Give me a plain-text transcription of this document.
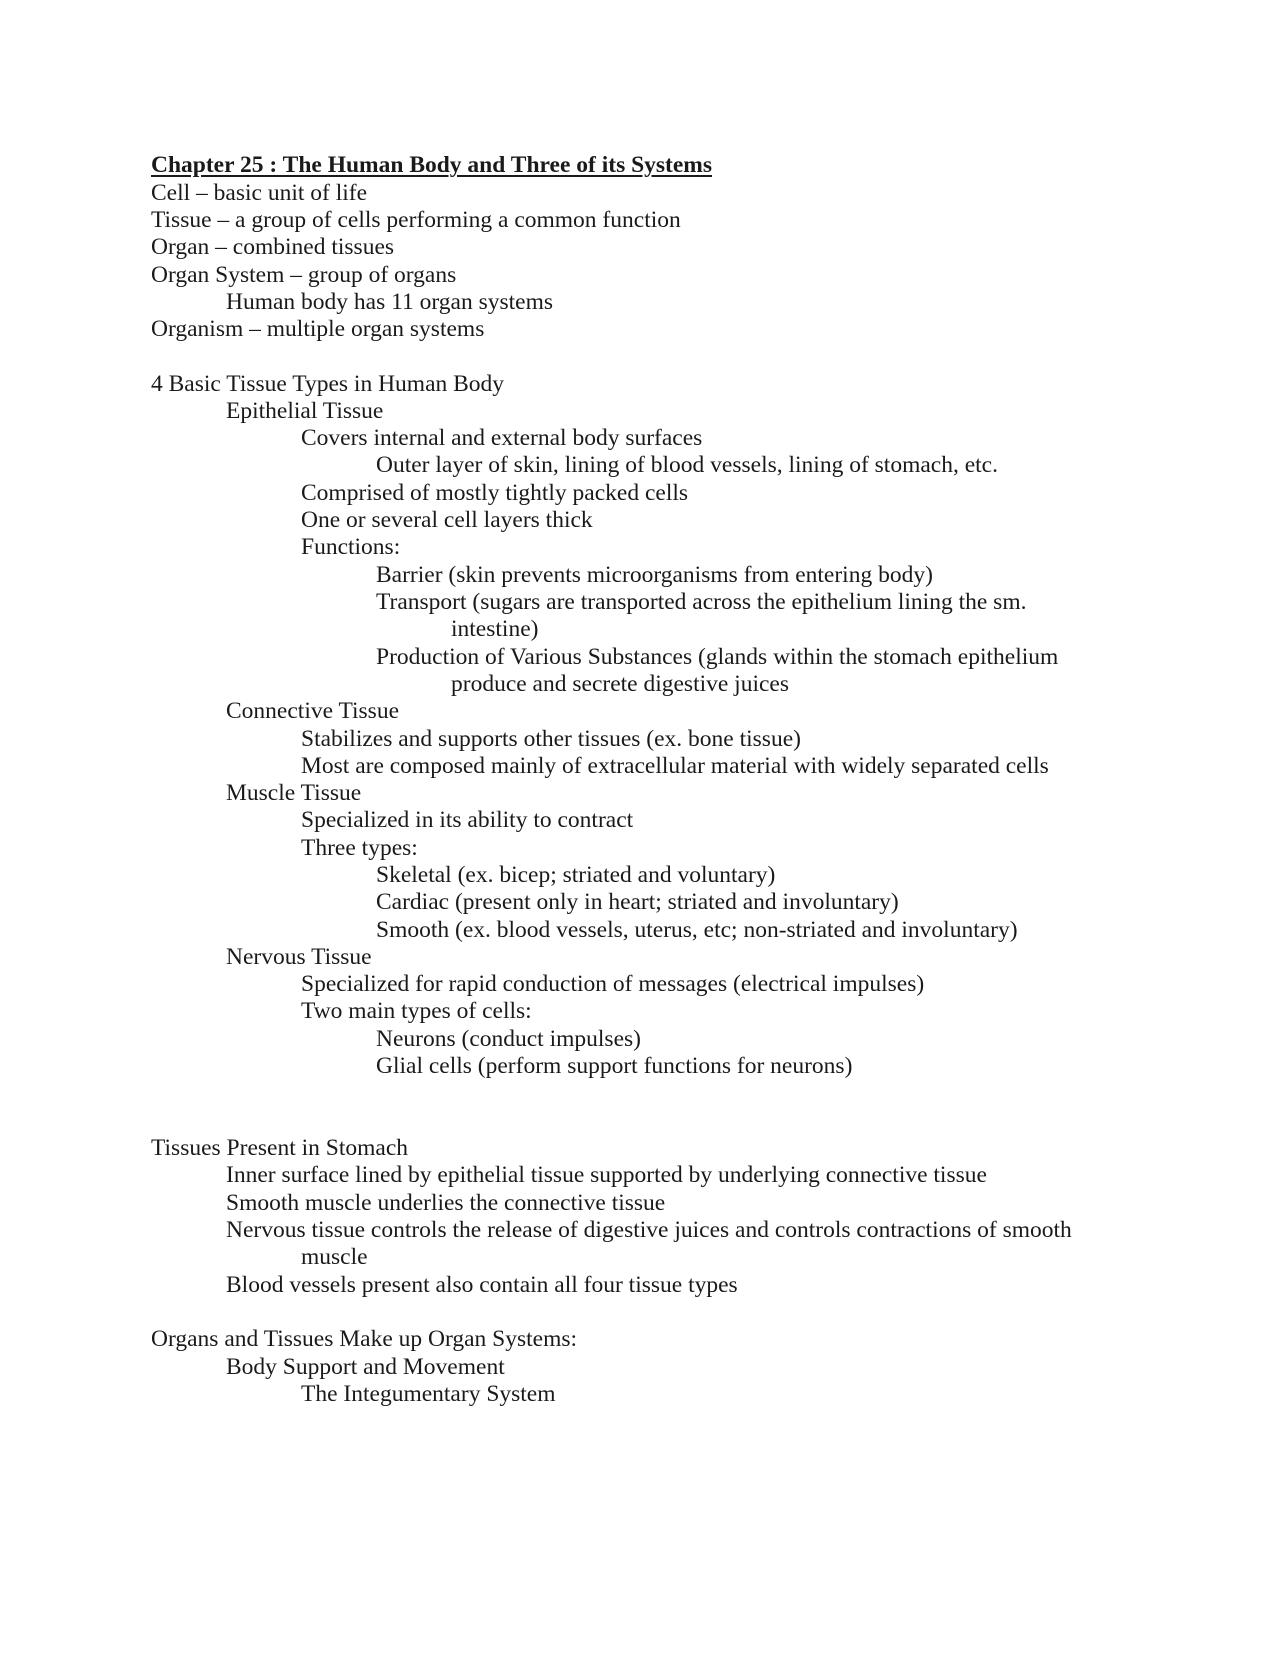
Chapter 25 : The Human Body and Three of its Systems
Cell – basic unit of life
Tissue – a group of cells performing a common function
Organ – combined tissues
Organ System – group of organs
Human body has 11 organ systems
Organism – multiple organ systems
4 Basic Tissue Types in Human Body
Epithelial Tissue
Covers internal and external body surfaces
Outer layer of skin, lining of blood vessels, lining of stomach, etc.
Comprised of mostly tightly packed cells
One or several cell layers thick
Functions:
Barrier (skin prevents microorganisms from entering body)
Transport (sugars are transported across the epithelium lining the sm.
intestine)
Production of Various Substances (glands within the stomach epithelium
produce and secrete digestive juices
Connective Tissue
Stabilizes and supports other tissues (ex. bone tissue)
Most are composed mainly of extracellular material with widely separated cells
Muscle Tissue
Specialized in its ability to contract
Three types:
Skeletal (ex. bicep; striated and voluntary)
Cardiac (present only in heart; striated and involuntary)
Smooth (ex. blood vessels, uterus, etc; non-striated and involuntary)
Nervous Tissue
Specialized for rapid conduction of messages (electrical impulses)
Two main types of cells:
Neurons (conduct impulses)
Glial cells (perform support functions for neurons)
Tissues Present in Stomach
Inner surface lined by epithelial tissue supported by underlying connective tissue
Smooth muscle underlies the connective tissue
Nervous tissue controls the release of digestive juices and controls contractions of smooth
muscle
Blood vessels present also contain all four tissue types
Organs and Tissues Make up Organ Systems:
Body Support and Movement
The Integumentary System
